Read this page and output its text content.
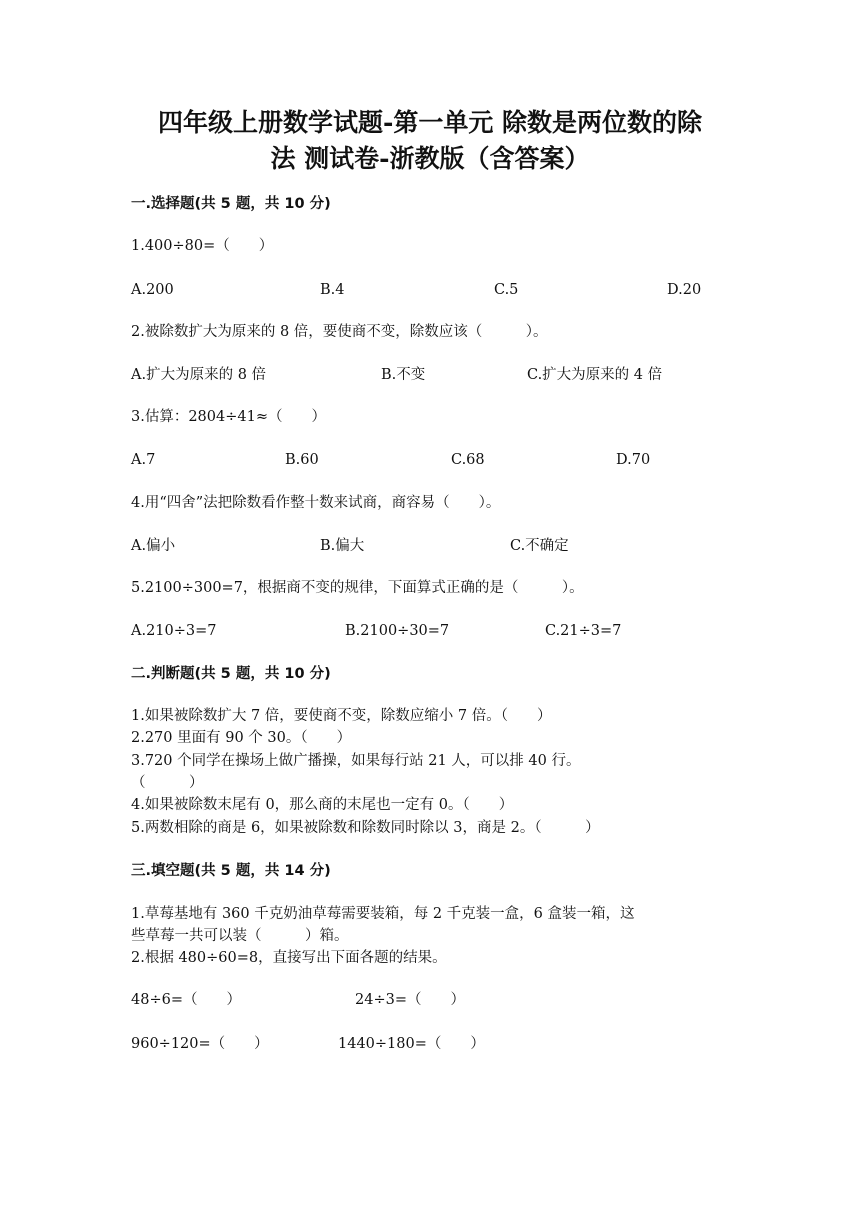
四年级上册数学试题-第一单元 除数是两位数的除
法 测试卷-浙教版（含答案）
一.选择题(共 5 题，共 10 分)
1.400÷80=（　　）
A.200	B.4	C.5	D.20
2.被除数扩大为原来的 8 倍，要使商不变，除数应该（　　　）。
A.扩大为原来的 8 倍	B.不变	C.扩大为原来的 4 倍
3.估算：2804÷41≈（　　）
A.7	B.60	C.68	D.70
4.用“四舍”法把除数看作整十数来试商，商容易（　　）。
A.偏小	B.偏大	C.不确定
5.2100÷300=7，根据商不变的规律，下面算式正确的是（　　　）。
A.210÷3=7	B.2100÷30=7	C.21÷3=7
二.判断题(共 5 题，共 10 分)
1.如果被除数扩大 7 倍，要使商不变，除数应缩小 7 倍。（　　）
2.270 里面有 90 个 30。（　　）
3.720 个同学在操场上做广播操，如果每行站 21 人，可以排 40 行。
（　　　）
4.如果被除数末尾有 0，那么商的末尾也一定有 0。（　　）
5.两数相除的商是 6，如果被除数和除数同时除以 3，商是 2。（　　　）
三.填空题(共 5 题，共 14 分)
1.草莓基地有 360 千克奶油草莓需要装箱，每 2 千克装一盒，6 盒装一箱，这
些草莓一共可以装（　　　）箱。
2.根据 480÷60=8，直接写出下面各题的结果。
48÷6=（　　）	24÷3=（　　）
960÷120=（　　）	1440÷180=（　　）
